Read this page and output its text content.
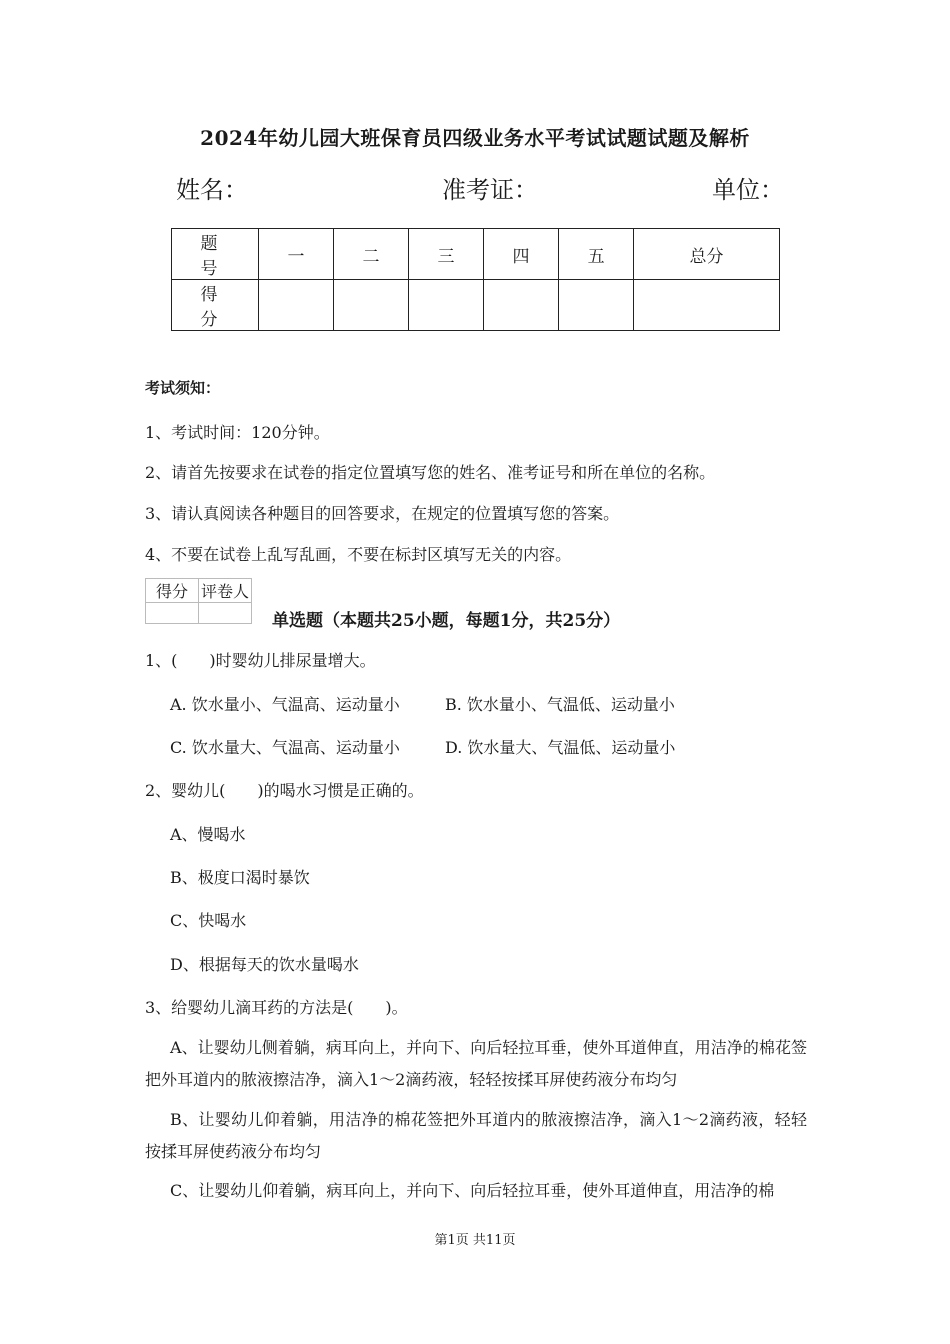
2024年幼儿园大班保育员四级业务水平考试试题试题及解析
姓名：	准考证：	单位：
题　号	一	二	三	四	五	总分
得　分						
考试须知：
1、考试时间：120分钟。
2、请首先按要求在试卷的指定位置填写您的姓名、准考证号和所在单位的名称。
3、请认真阅读各种题目的回答要求，在规定的位置填写您的答案。
4、不要在试卷上乱写乱画，不要在标封区填写无关的内容。
得分	评卷人

单选题（本题共25小题，每题1分，共25分）
1、(　　)时婴幼儿排尿量增大。
A. 饮水量小、气温高、运动量小	B. 饮水量小、气温低、运动量小
C. 饮水量大、气温高、运动量小	D. 饮水量大、气温低、运动量小
2、婴幼儿(　　)的喝水习惯是正确的。
A、慢喝水
B、极度口渴时暴饮
C、快喝水
D、根据每天的饮水量喝水
3、给婴幼儿滴耳药的方法是(　　)。
A、让婴幼儿侧着躺，病耳向上，并向下、向后轻拉耳垂，使外耳道伸直，用洁净的棉花签把外耳道内的脓液擦洁净，滴入1～2滴药液，轻轻按揉耳屏使药液分布均匀
B、让婴幼儿仰着躺，用洁净的棉花签把外耳道内的脓液擦洁净，滴入1～2滴药液，轻轻按揉耳屏使药液分布均匀
C、让婴幼儿仰着躺，病耳向上，并向下、向后轻拉耳垂，使外耳道伸直，用洁净的棉
第1页 共11页
